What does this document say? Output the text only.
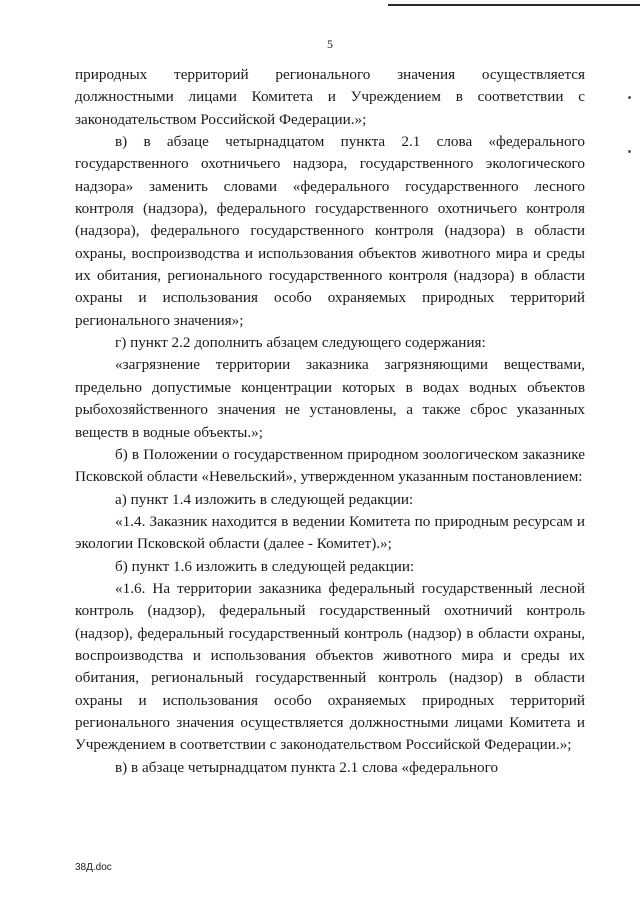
5

природных территорий регионального значения осуществляется должностными лицами Комитета и Учреждением в соответствии с законодательством Российской Федерации.»;

в) в абзаце четырнадцатом пункта 2.1 слова «федерального государственного охотничьего надзора, государственного экологического надзора» заменить словами «федерального государственного лесного контроля (надзора), федерального государственного охотничьего контроля (надзора), федерального государственного контроля (надзора) в области охраны, воспроизводства и использования объектов животного мира и среды их обитания, регионального государственного контроля (надзора) в области охраны и использования особо охраняемых природных территорий регионального значения»;

г) пункт 2.2 дополнить абзацем следующего содержания:

«загрязнение территории заказника загрязняющими веществами, предельно допустимые концентрации которых в водах водных объектов рыбохозяйственного значения не установлены, а также сброс указанных веществ в водные объекты.»;

б) в Положении о государственном природном зоологическом заказнике Псковской области «Невельский», утвержденном указанным постановлением:

а) пункт 1.4 изложить в следующей редакции:

«1.4. Заказник находится в ведении Комитета по природным ресурсам и экологии Псковской области (далее - Комитет).»;

б) пункт 1.6 изложить в следующей редакции:

«1.6. На территории заказника федеральный государственный лесной контроль (надзор), федеральный государственный охотничий контроль (надзор), федеральный государственный контроль (надзор) в области охраны, воспроизводства и использования объектов животного мира и среды их обитания, региональный государственный контроль (надзор) в области охраны и использования особо охраняемых природных территорий регионального значения осуществляется должностными лицами Комитета и Учреждением в соответствии с законодательством Российской Федерации.»;

в) в абзаце четырнадцатом пункта 2.1 слова «федерального

38Д.doc
